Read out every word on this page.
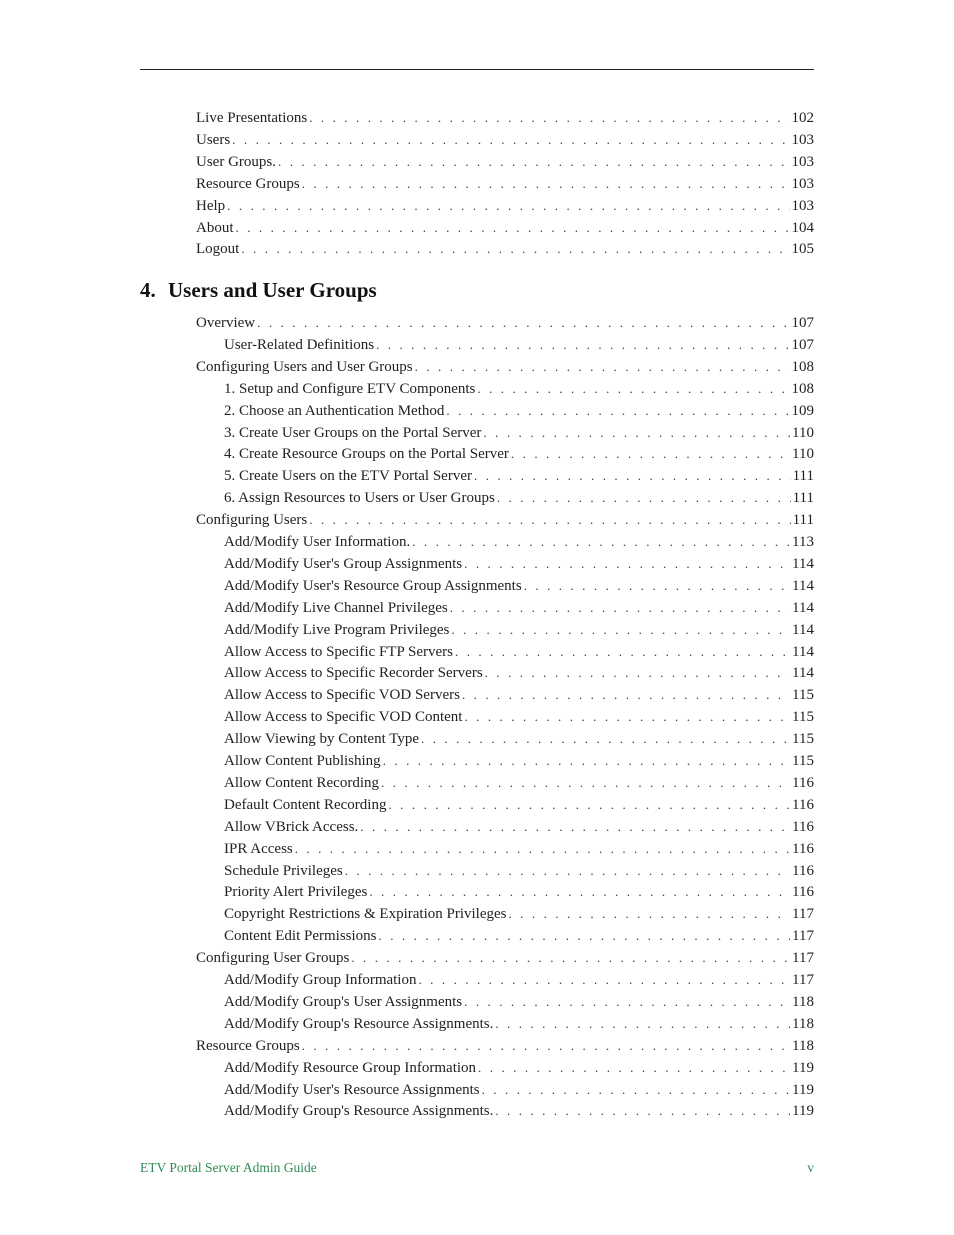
Live Presentations . . .	102
Users . . .	103
User Groups. . . .	103
Resource Groups . . .	103
Help . . .	103
About . . .	104
Logout . . .	105
4. Users and User Groups
Overview . . .	107
User-Related Definitions . . .	107
Configuring Users and User Groups . . .	108
1. Setup and Configure ETV Components . . .	108
2. Choose an Authentication Method . . .	109
3. Create User Groups on the Portal Server . . .	110
4. Create Resource Groups on the Portal Server . . .	110
5. Create Users on the ETV Portal Server . . .	111
6. Assign Resources to Users or User Groups . . .	111
Configuring Users . . .	111
Add/Modify User Information. . . .	113
Add/Modify User's Group Assignments . . .	114
Add/Modify User's Resource Group Assignments . . .	114
Add/Modify Live Channel Privileges . . .	114
Add/Modify Live Program Privileges . . .	114
Allow Access to Specific FTP Servers . . .	114
Allow Access to Specific Recorder Servers . . .	114
Allow Access to Specific VOD Servers . . .	115
Allow Access to Specific VOD Content . . .	115
Allow Viewing by Content Type . . .	115
Allow Content Publishing . . .	115
Allow Content Recording . . .	116
Default Content Recording . . .	116
Allow VBrick Access. . . .	116
IPR Access . . .	116
Schedule Privileges . . .	116
Priority Alert Privileges . . .	116
Copyright Restrictions & Expiration Privileges . . .	117
Content Edit Permissions . . .	117
Configuring User Groups . . .	117
Add/Modify Group Information . . .	117
Add/Modify Group's User Assignments . . .	118
Add/Modify Group's Resource Assignments. . . .	118
Resource Groups . . .	118
Add/Modify Resource Group Information . . .	119
Add/Modify User's Resource Assignments . . .	119
Add/Modify Group's Resource Assignments. . . .	119
ETV Portal Server Admin Guide	v
